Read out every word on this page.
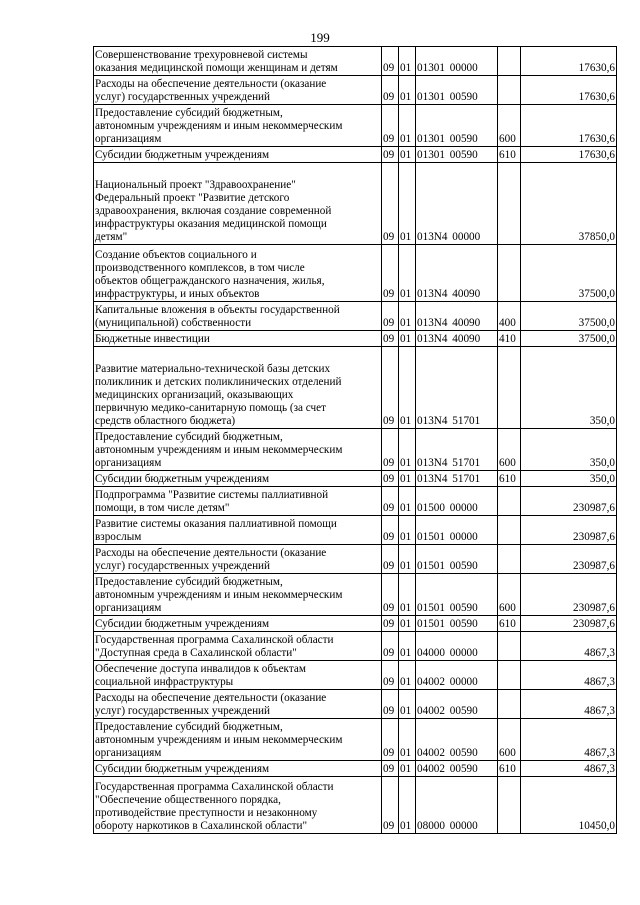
199
Совершенствование трехуровневой системы
оказания медицинской помощи женщинам и детям	09	01	01301 00000		17630,6
Расходы на обеспечение деятельности (оказание
услуг) государственных учреждений	09	01	01301 00590		17630,6
Предоставление субсидий бюджетным,
автономным учреждениям и иным некоммерческим
организациям	09	01	01301 00590	600	17630,6
Субсидии бюджетным учреждениям	09	01	01301 00590	610	17630,6
Национальный проект "Здравоохранение"
Федеральный проект "Развитие детского
здравоохранения, включая создание современной
инфраструктуры оказания медицинской помощи
детям"	09	01	013N4 00000		37850,0
Создание объектов социального и
производственного комплексов, в том числе
объектов общегражданского назначения, жилья,
инфраструктуры, и иных объектов	09	01	013N4 40090		37500,0
Капитальные вложения в объекты государственной
(муниципальной) собственности	09	01	013N4 40090	400	37500,0
Бюджетные инвестиции	09	01	013N4 40090	410	37500,0
Развитие материально-технической базы детских
поликлиник и детских поликлинических отделений
медицинских организаций, оказывающих
первичную медико-санитарную помощь (за счет
средств областного бюджета)	09	01	013N4 51701		350,0
Предоставление субсидий бюджетным,
автономным учреждениям и иным некоммерческим
организациям	09	01	013N4 51701	600	350,0
Субсидии бюджетным учреждениям	09	01	013N4 51701	610	350,0
Подпрограмма "Развитие системы паллиативной
помощи, в том числе детям"	09	01	01500 00000		230987,6
Развитие системы оказания паллиативной помощи
взрослым	09	01	01501 00000		230987,6
Расходы на обеспечение деятельности (оказание
услуг) государственных учреждений	09	01	01501 00590		230987,6
Предоставление субсидий бюджетным,
автономным учреждениям и иным некоммерческим
организациям	09	01	01501 00590	600	230987,6
Субсидии бюджетным учреждениям	09	01	01501 00590	610	230987,6
Государственная программа Сахалинской области
"Доступная среда в Сахалинской области"	09	01	04000 00000		4867,3
Обеспечение доступа инвалидов к объектам
социальной инфраструктуры	09	01	04002 00000		4867,3
Расходы на обеспечение деятельности (оказание
услуг) государственных учреждений	09	01	04002 00590		4867,3
Предоставление субсидий бюджетным,
автономным учреждениям и иным некоммерческим
организациям	09	01	04002 00590	600	4867,3
Субсидии бюджетным учреждениям	09	01	04002 00590	610	4867,3
Государственная программа Сахалинской области
"Обеспечение общественного порядка,
противодействие преступности и незаконному
обороту наркотиков в Сахалинской области"	09	01	08000 00000		10450,0
